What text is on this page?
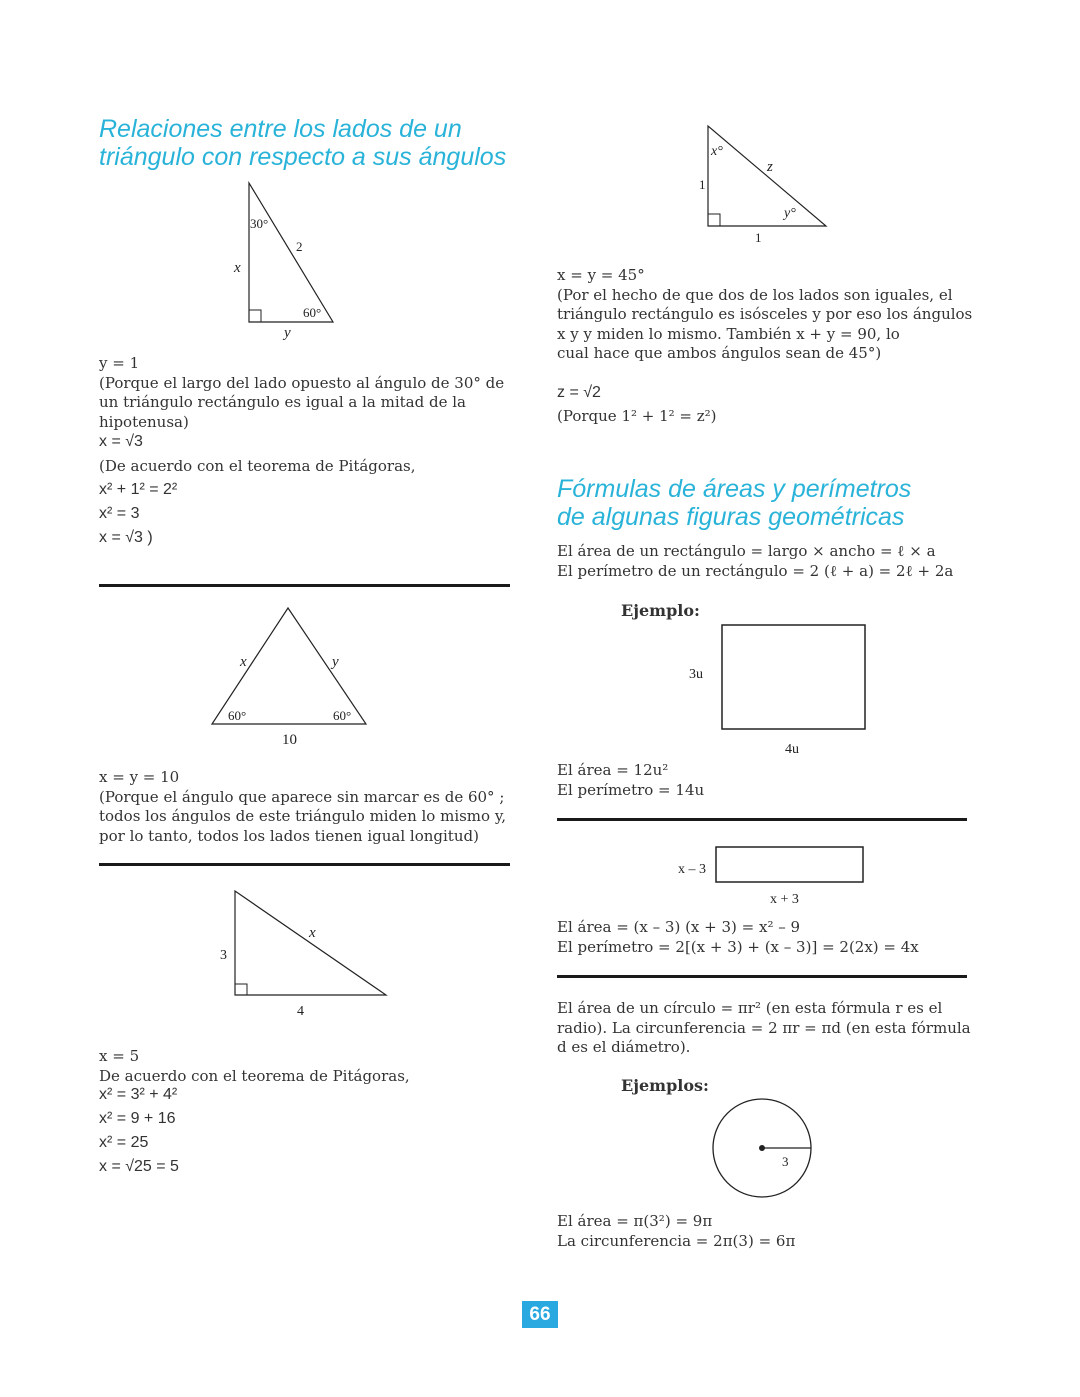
Relaciones entre los lados de un
triángulo con respecto a sus ángulos
30°
2
x
60°
y
y = 1
(Porque el largo del lado opuesto al ángulo de 30° de
un triángulo rectángulo es igual a la mitad de la
hipotenusa)
x = √3
(De acuerdo con el teorema de Pitágoras,
x² + 1² = 2²
x² = 3
x = √3 )
x	y
60°	60°
10
x = y = 10
(Porque el ángulo que aparece sin marcar es de 60° ;
todos los ángulos de este triángulo miden lo mismo y,
por lo tanto, todos los lados tienen igual longitud)
3
x
4
x = 5
De acuerdo con el teorema de Pitágoras,
x² = 3² + 4²
x² = 9 + 16
x² = 25
x = √25 = 5
x°
z
1
y°
1
x = y = 45°
(Por el hecho de que dos de los lados son iguales, el
triángulo rectángulo es isósceles y por eso los ángulos
x y y miden lo mismo. También x + y = 90, lo
cual hace que ambos ángulos sean de 45°)
z = √2
(Porque 1² + 1² = z²)
Fórmulas de áreas y perímetros
de algunas figuras geométricas
El área de un rectángulo = largo × ancho = ℓ × a
El perímetro de un rectángulo = 2 (ℓ + a) = 2ℓ + 2a
Ejemplo:
3u
4u
El área = 12u²
El perímetro = 14u
x – 3
x + 3
El área = (x – 3) (x + 3) = x² – 9
El perímetro = 2[(x + 3) + (x – 3)] = 2(2x) = 4x
El área de un círculo = πr² (en esta fórmula r es el
radio). La circunferencia = 2 πr = πd (en esta fórmula
d es el diámetro).
Ejemplos:
3
El área = π(3²) = 9π
La circunferencia = 2π(3) = 6π
66
